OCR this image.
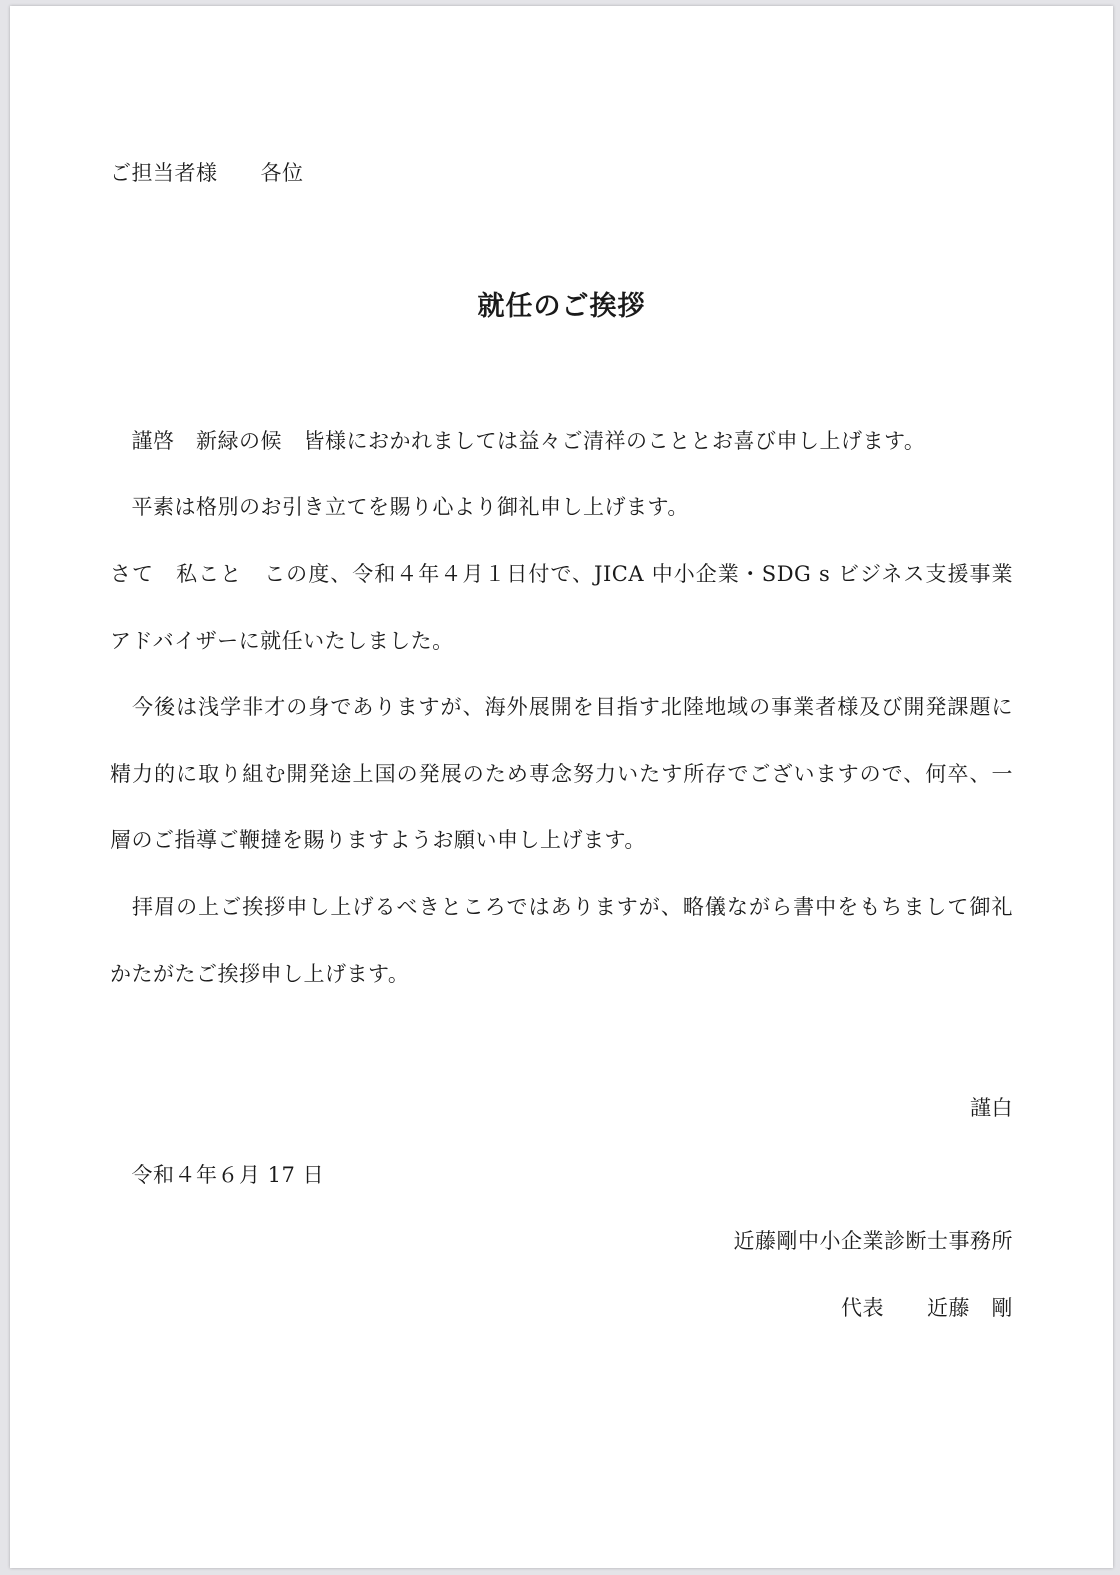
ご担当者様　　各位
就任のご挨拶
　謹啓　新緑の候　皆様におかれましては益々ご清祥のこととお喜び申し上げます。
　平素は格別のお引き立てを賜り心より御礼申し上げます。
さて　私こと　この度、令和４年４月１日付で、JICA 中小企業・SDG s ビジネス支援事業
アドバイザーに就任いたしました。
　今後は浅学非才の身でありますが、海外展開を目指す北陸地域の事業者様及び開発課題に
精力的に取り組む開発途上国の発展のため専念努力いたす所存でございますので、何卒、一
層のご指導ご鞭撻を賜りますようお願い申し上げます。
　拝眉の上ご挨拶申し上げるべきところではありますが、略儀ながら書中をもちまして御礼
かたがたご挨拶申し上げます。
謹白
　令和４年６月 17 日
近藤剛中小企業診断士事務所
代表　　近藤　剛
